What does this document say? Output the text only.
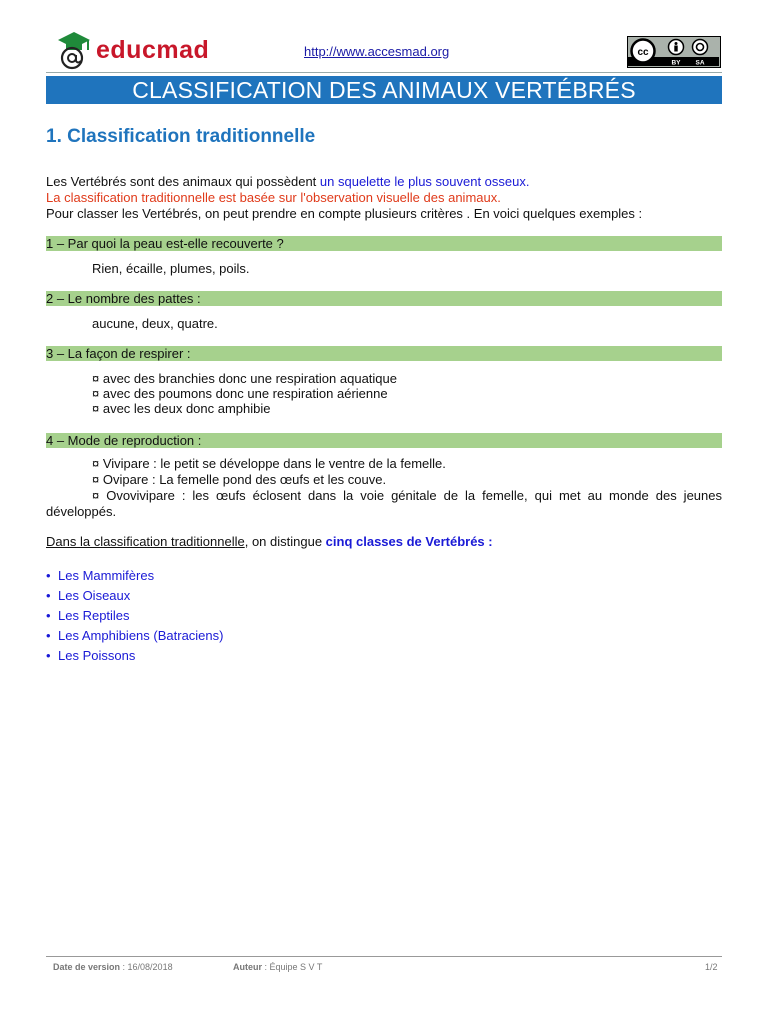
educmad	http://www.accesmad.org	cc
BY SA
CLASSIFICATION DES ANIMAUX VERTÉBRÉS
1. Classification traditionnelle
Les Vertébrés sont des animaux qui possèdent un squelette le plus souvent osseux.
La classification traditionnelle est basée sur l'observation visuelle des animaux.
Pour classer les Vertébrés, on peut prendre en compte plusieurs critères . En voici quelques exemples :
1 – Par quoi la peau est-elle recouverte ?
Rien, écaille, plumes, poils.
2 – Le nombre des pattes :
aucune, deux, quatre.
3 – La façon de respirer :
¤ avec des branchies donc une respiration aquatique
¤ avec des poumons donc une respiration aérienne
¤ avec les deux donc amphibie
4 – Mode de reproduction :
¤ Vivipare : le petit se développe dans le ventre de la femelle.
¤ Ovipare : La femelle pond des œufs et les couve.
¤ Ovovivipare : les œufs éclosent dans la voie génitale de la femelle, qui met au monde des jeunes développés.
Dans la classification traditionnelle, on distingue cinq classes de Vertébrés :
• Les Mammifères
• Les Oiseaux
• Les Reptiles
• Les Amphibiens (Batraciens)
• Les Poissons
Date de version : 16/08/2018	Auteur : Équipe S V T	1/2
